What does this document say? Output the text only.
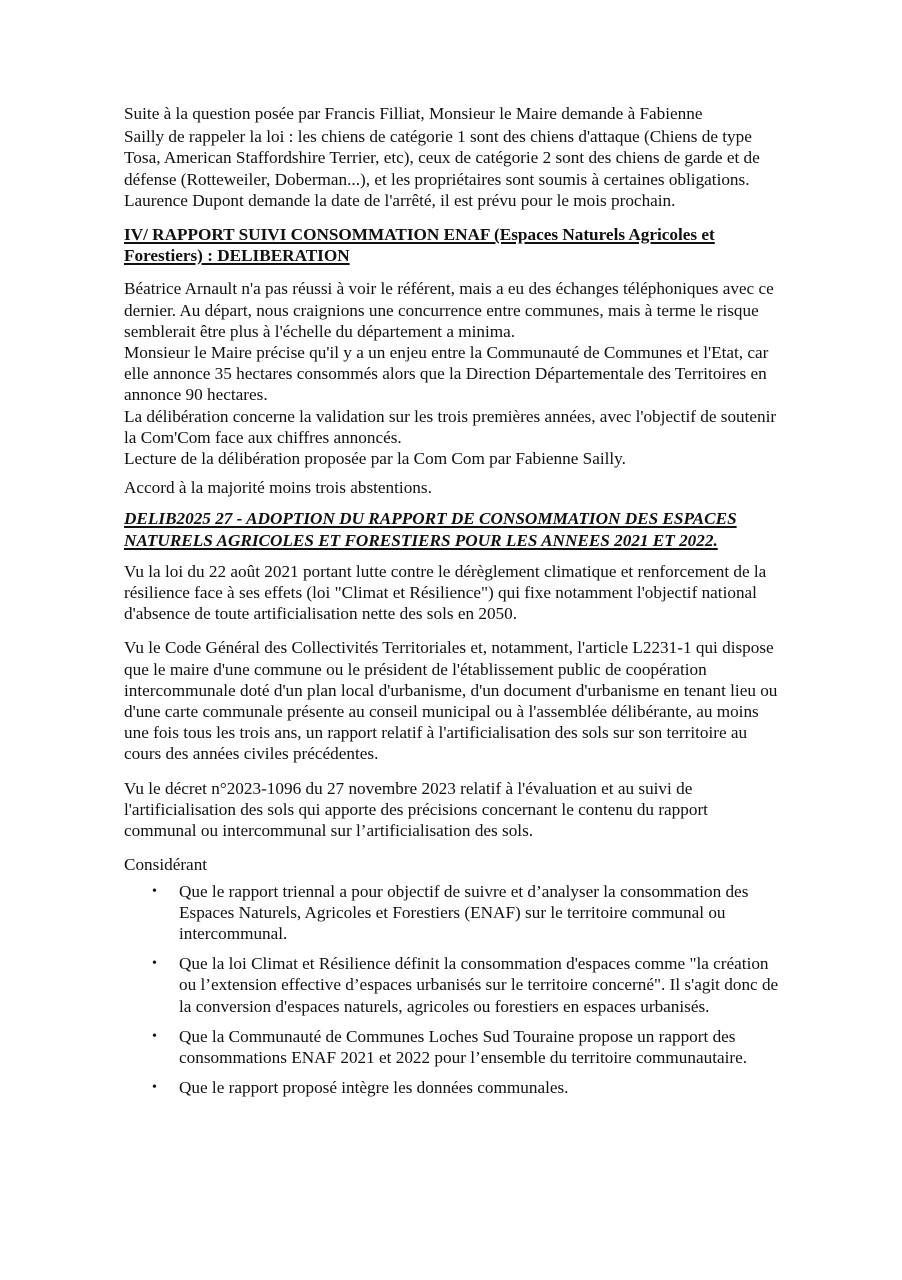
Suite à la question posée par Francis Filliat, Monsieur le Maire demande à Fabienne

Sailly de rappeler la loi : les chiens de catégorie 1 sont des chiens d'attaque (Chiens de type Tosa, American Staffordshire Terrier, etc), ceux de catégorie 2 sont des chiens de garde et de défense (Rotteweiler, Doberman...), et les propriétaires sont soumis à certaines obligations.

Laurence Dupont demande la date de l'arrêté, il est prévu pour le mois prochain.

IV/ RAPPORT SUIVI CONSOMMATION ENAF (Espaces Naturels Agricoles et Forestiers) : DELIBERATION

Béatrice Arnault n'a pas réussi à voir le référent, mais a eu des échanges téléphoniques avec ce dernier. Au départ, nous craignions une concurrence entre communes, mais à terme le risque semblerait être plus à l'échelle du département a minima.

Monsieur le Maire précise qu'il y a un enjeu entre la Communauté de Communes et l'Etat, car elle annonce 35 hectares consommés alors que la Direction Départementale des Territoires en annonce 90 hectares.

La délibération concerne la validation sur les trois premières années, avec l'objectif de soutenir la Com'Com face aux chiffres annoncés.

Lecture de la délibération proposée par la Com Com par Fabienne Sailly.

Accord à la majorité moins trois abstentions.

DELIB2025 27 - ADOPTION DU RAPPORT DE CONSOMMATION DES ESPACES NATURELS AGRICOLES ET FORESTIERS POUR LES ANNEES 2021 ET 2022.

Vu la loi du 22 août 2021 portant lutte contre le dérèglement climatique et renforcement de la résilience face à ses effets (loi "Climat et Résilience") qui fixe notamment l'objectif national d'absence de toute artificialisation nette des sols en 2050.

Vu le Code Général des Collectivités Territoriales et, notamment, l'article L2231-1 qui dispose que le maire d'une commune ou le président de l'établissement public de coopération intercommunale doté d'un plan local d'urbanisme, d'un document d'urbanisme en tenant lieu ou d'une carte communale présente au conseil municipal ou à l'assemblée délibérante, au moins une fois tous les trois ans, un rapport relatif à l'artificialisation des sols sur son territoire au cours des années civiles précédentes.

Vu le décret n°2023-1096 du 27 novembre 2023 relatif à l'évaluation et au suivi de l'artificialisation des sols qui apporte des précisions concernant le contenu du rapport communal ou intercommunal sur l’artificialisation des sols.

Considérant

• Que le rapport triennal a pour objectif de suivre et d’analyser la consommation des Espaces Naturels, Agricoles et Forestiers (ENAF) sur le territoire communal ou intercommunal.
• Que la loi Climat et Résilience définit la consommation d'espaces comme "la création ou l’extension effective d’espaces urbanisés sur le territoire concerné". Il s'agit donc de la conversion d'espaces naturels, agricoles ou forestiers en espaces urbanisés.
• Que la Communauté de Communes Loches Sud Touraine propose un rapport des consommations ENAF 2021 et 2022 pour l’ensemble du territoire communautaire.
• Que le rapport proposé intègre les données communales.
